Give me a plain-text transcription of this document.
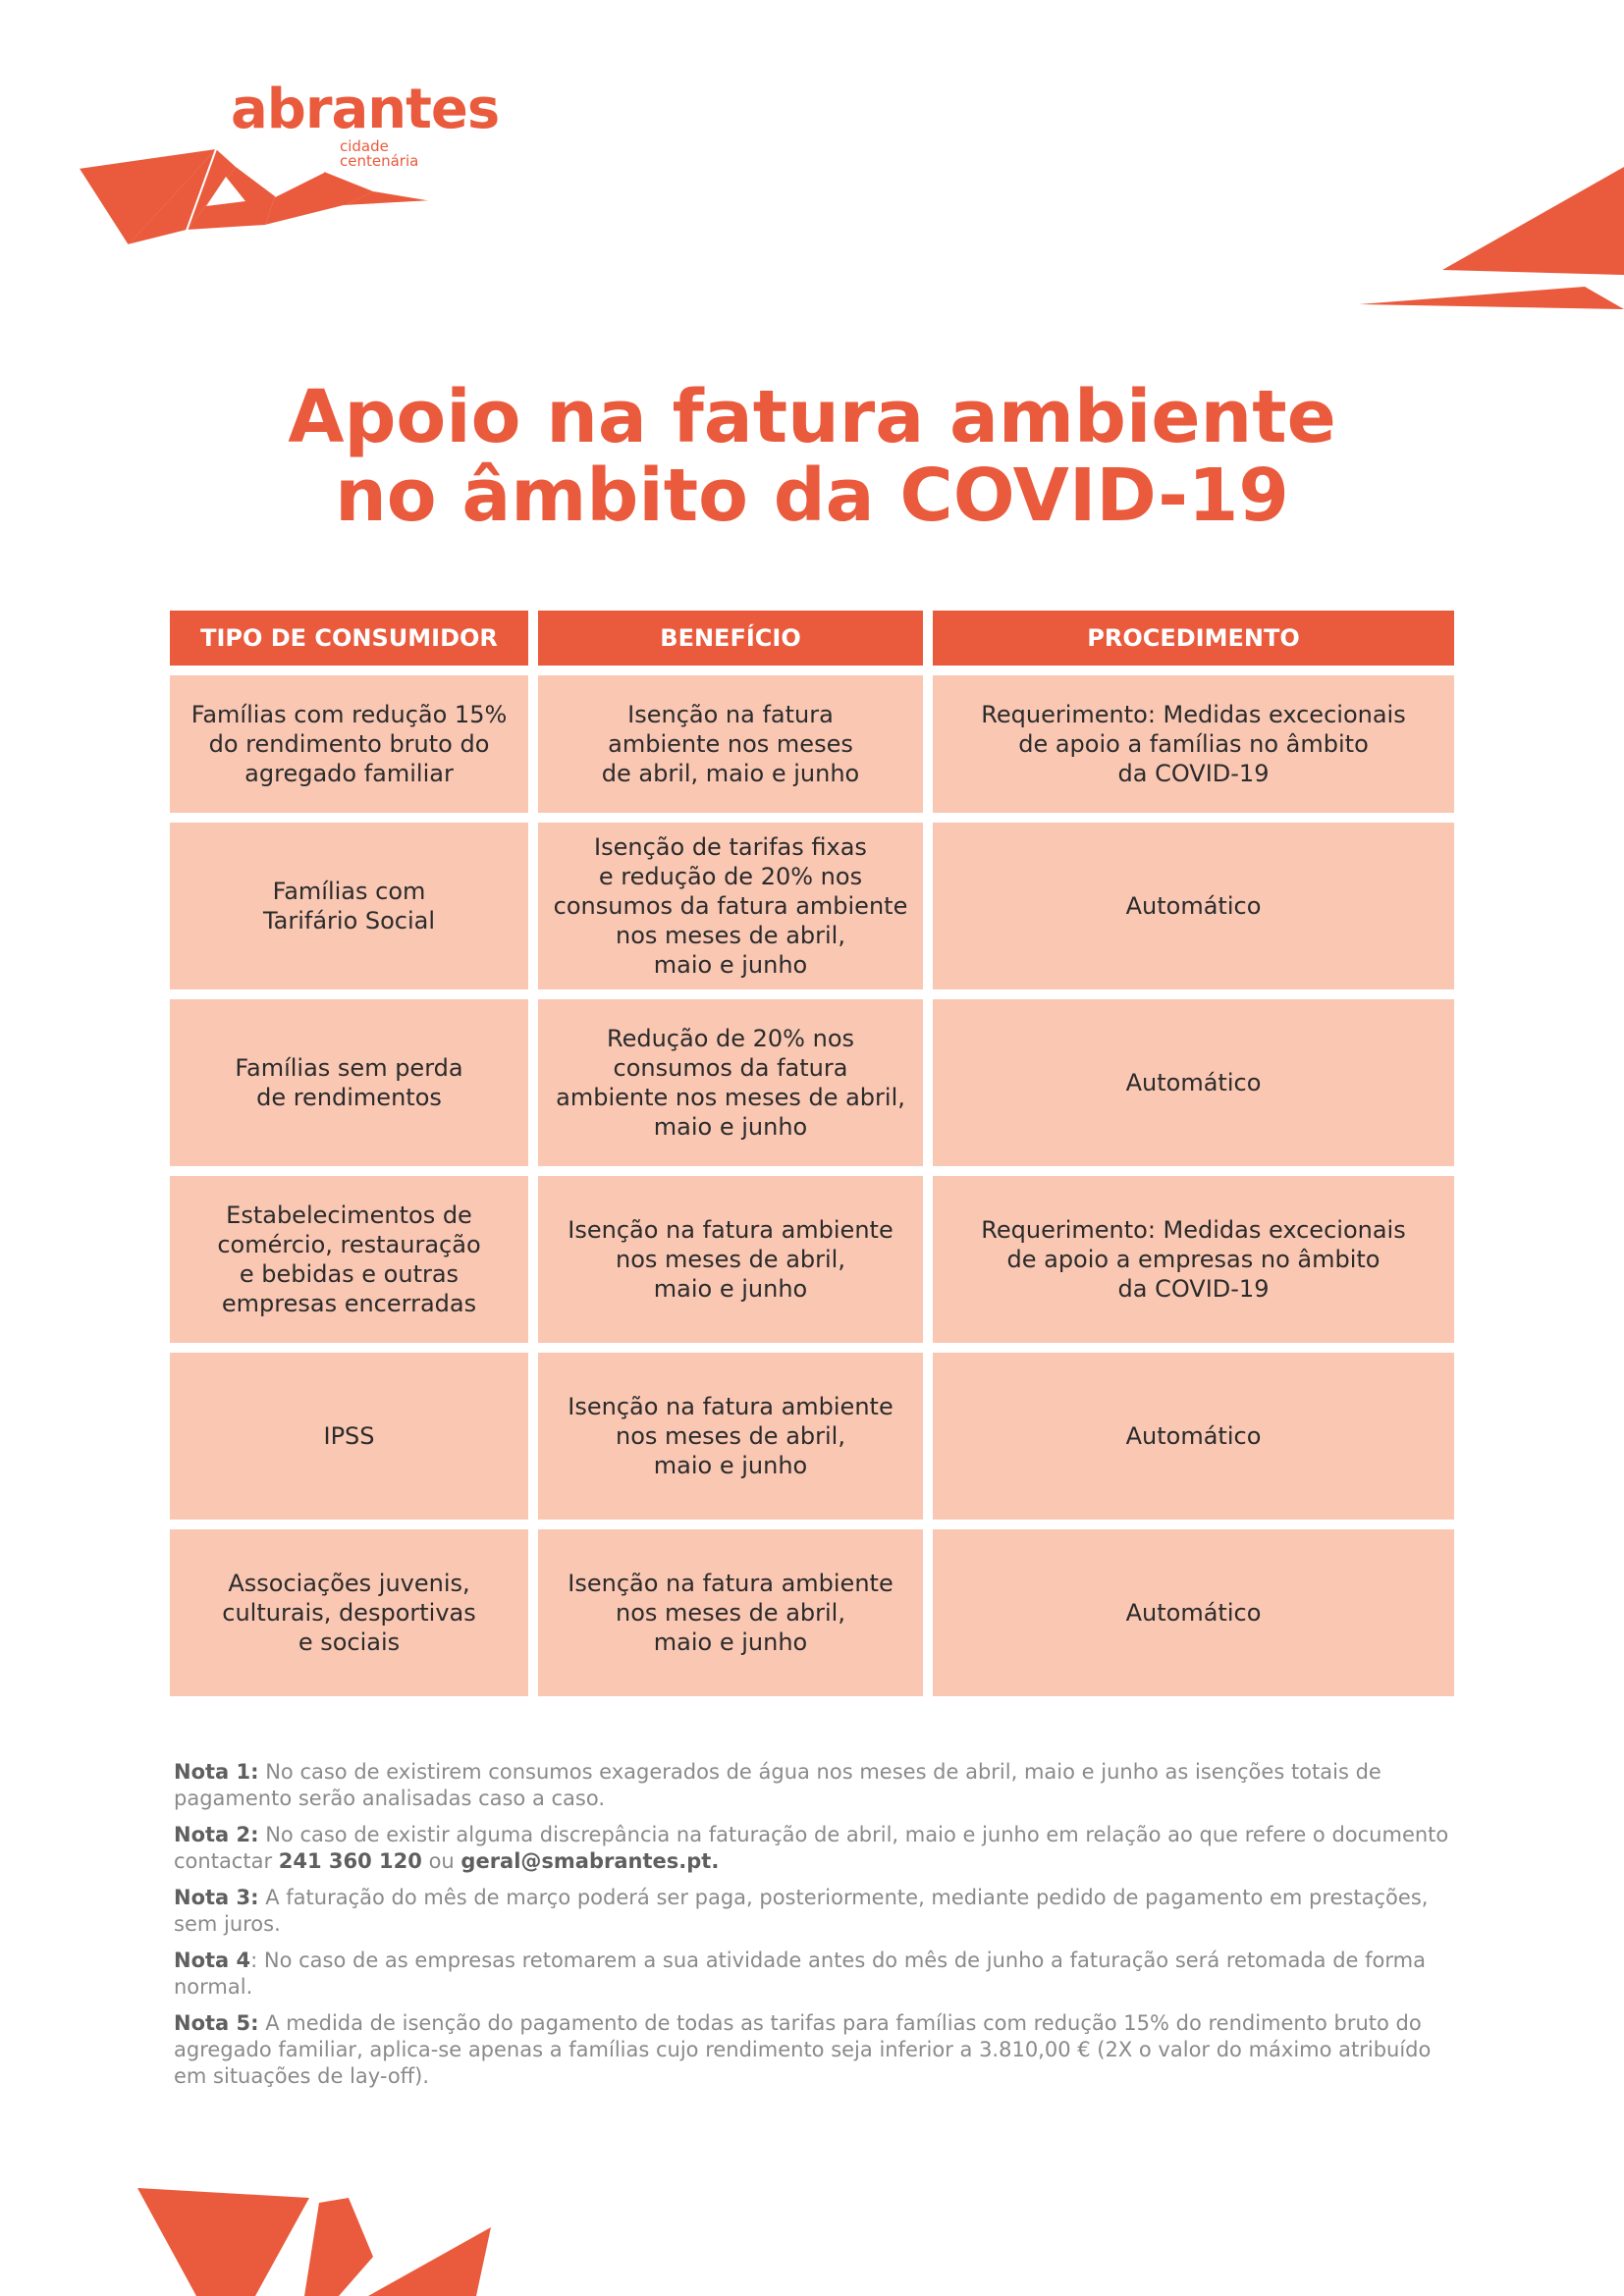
abrantes
cidade centenária
Apoio na fatura ambiente
no âmbito da COVID-19
TIPO DE CONSUMIDOR	BENEFÍCIO	PROCEDIMENTO
Famílias com redução 15%
do rendimento bruto do
agregado familiar
Isenção na fatura
ambiente nos meses
de abril, maio e junho
Requerimento: Medidas excecionais
de apoio a famílias no âmbito
da COVID-19
Famílias com
Tarifário Social
Isenção de tarifas fixas
e redução de 20% nos
consumos da fatura ambiente
nos meses de abril,
maio e junho
Automático
Famílias sem perda
de rendimentos
Redução de 20% nos
consumos da fatura
ambiente nos meses de abril,
maio e junho
Automático
Estabelecimentos de
comércio, restauração
e bebidas e outras
empresas encerradas
Isenção na fatura ambiente
nos meses de abril,
maio e junho
Requerimento: Medidas excecionais
de apoio a empresas no âmbito
da COVID-19
IPSS
Isenção na fatura ambiente
nos meses de abril,
maio e junho
Automático
Associações juvenis,
culturais, desportivas
e sociais
Isenção na fatura ambiente
nos meses de abril,
maio e junho
Automático
Nota 1: No caso de existirem consumos exagerados de água nos meses de abril, maio e junho as isenções totais de pagamento serão analisadas caso a caso.
Nota 2: No caso de existir alguma discrepância na faturação de abril, maio e junho em relação ao que refere o documento contactar 241 360 120 ou geral@smabrantes.pt.
Nota 3: A faturação do mês de março poderá ser paga, posteriormente, mediante pedido de pagamento em prestações, sem juros.
Nota 4: No caso de as empresas retomarem a sua atividade antes do mês de junho a faturação será retomada de forma normal.
Nota 5: A medida de isenção do pagamento de todas as tarifas para famílias com redução 15% do rendimento bruto do agregado familiar, aplica-se apenas a famílias cujo rendimento seja inferior a 3.810,00 € (2X o valor do máximo atribuído em situações de lay-off).
